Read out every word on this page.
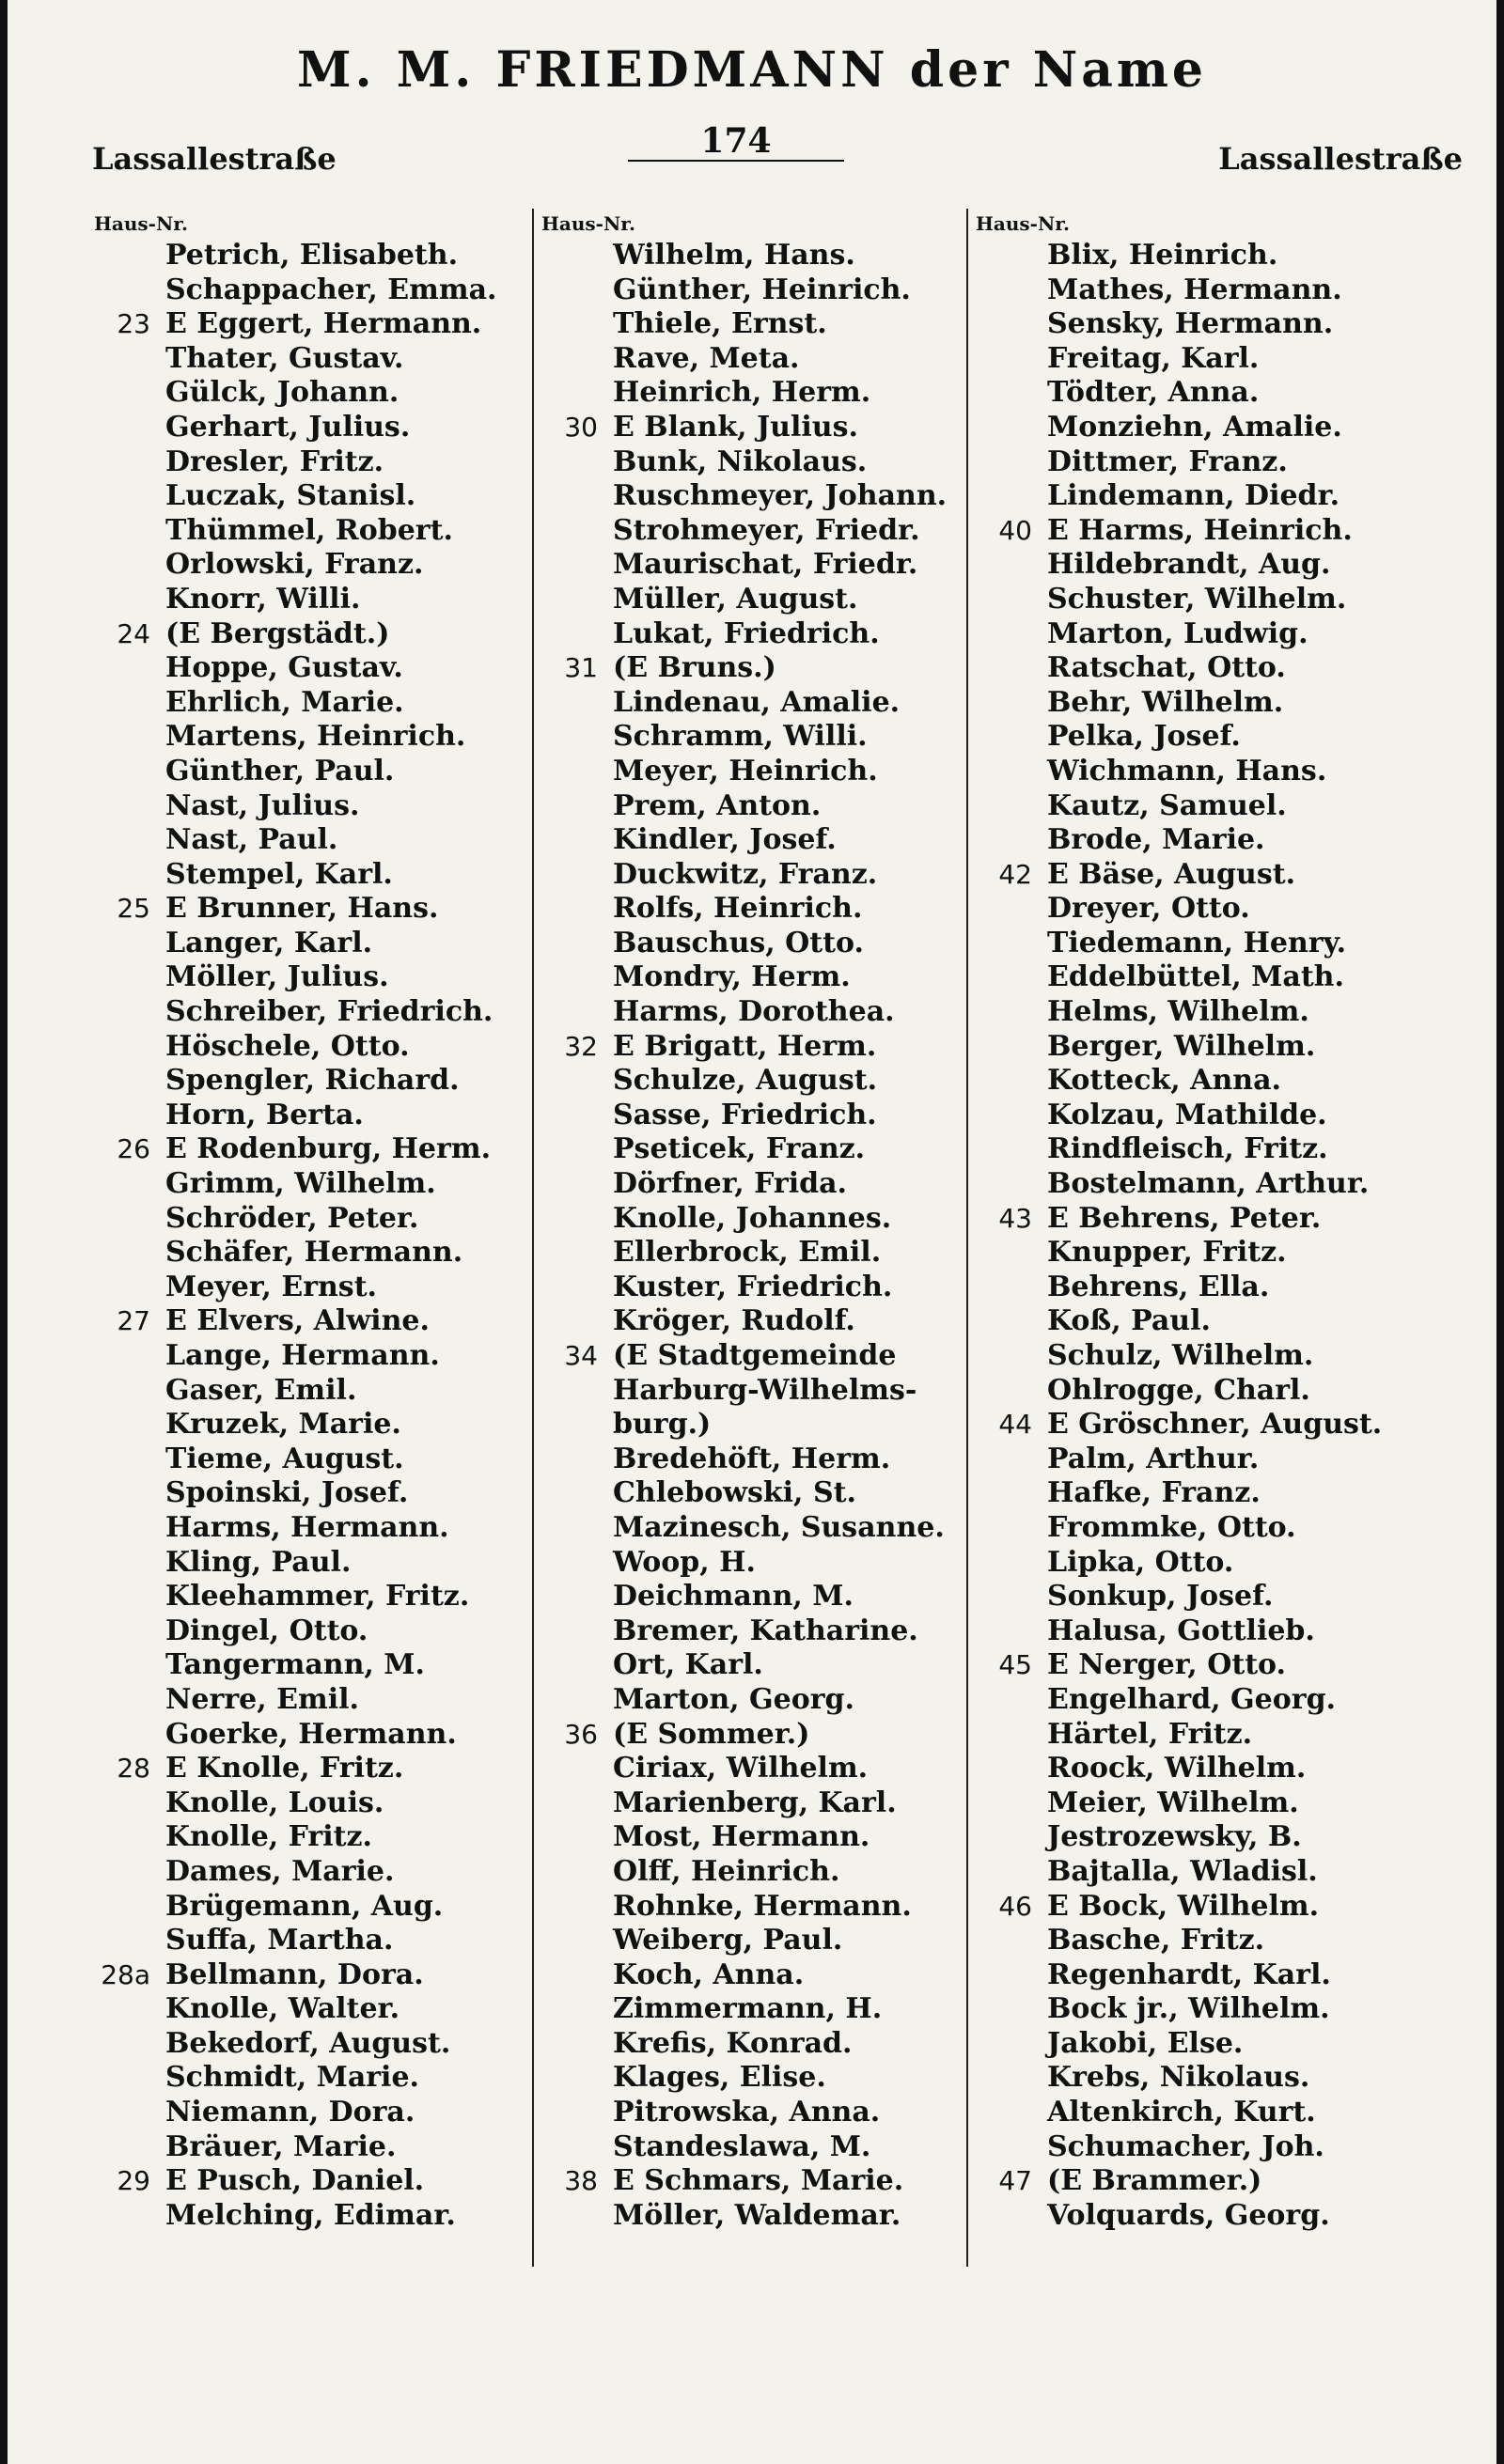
M. M. FRIEDMANN der Name
174
Lassallestraße	Lassallestraße
Haus-Nr.
Petrich, Elisabeth.
Schappacher, Emma.
23 E Eggert, Hermann.
Thater, Gustav.
Gülck, Johann.
Gerhart, Julius.
Dresler, Fritz.
Luczak, Stanisl.
Thümmel, Robert.
Orlowski, Franz.
Knorr, Willi.
24 (E Bergstädt.)
Hoppe, Gustav.
Ehrlich, Marie.
Martens, Heinrich.
Günther, Paul.
Nast, Julius.
Nast, Paul.
Stempel, Karl.
25 E Brunner, Hans.
Langer, Karl.
Möller, Julius.
Schreiber, Friedrich.
Höschele, Otto.
Spengler, Richard.
Horn, Berta.
26 E Rodenburg, Herm.
Grimm, Wilhelm.
Schröder, Peter.
Schäfer, Hermann.
Meyer, Ernst.
27 E Elvers, Alwine.
Lange, Hermann.
Gaser, Emil.
Kruzek, Marie.
Tieme, August.
Spoinski, Josef.
Harms, Hermann.
Kling, Paul.
Kleehammer, Fritz.
Dingel, Otto.
Tangermann, M.
Nerre, Emil.
Goerke, Hermann.
28 E Knolle, Fritz.
Knolle, Louis.
Knolle, Fritz.
Dames, Marie.
Brügemann, Aug.
Suffa, Martha.
28a Bellmann, Dora.
Knolle, Walter.
Bekedorf, August.
Schmidt, Marie.
Niemann, Dora.
Bräuer, Marie.
29 E Pusch, Daniel.
Melching, Edimar.
Haus-Nr.
Wilhelm, Hans.
Günther, Heinrich.
Thiele, Ernst.
Rave, Meta.
Heinrich, Herm.
30 E Blank, Julius.
Bunk, Nikolaus.
Ruschmeyer, Johann.
Strohmeyer, Friedr.
Maurischat, Friedr.
Müller, August.
Lukat, Friedrich.
31 (E Bruns.)
Lindenau, Amalie.
Schramm, Willi.
Meyer, Heinrich.
Prem, Anton.
Kindler, Josef.
Duckwitz, Franz.
Rolfs, Heinrich.
Bauschus, Otto.
Mondry, Herm.
Harms, Dorothea.
32 E Brigatt, Herm.
Schulze, August.
Sasse, Friedrich.
Pseticek, Franz.
Dörfner, Frida.
Knolle, Johannes.
Ellerbrock, Emil.
Kuster, Friedrich.
Kröger, Rudolf.
34 (E Stadtgemeinde
Harburg-Wilhelms-
burg.)
Bredehöft, Herm.
Chlebowski, St.
Mazinesch, Susanne.
Woop, H.
Deichmann, M.
Bremer, Katharine.
Ort, Karl.
Marton, Georg.
36 (E Sommer.)
Ciriax, Wilhelm.
Marienberg, Karl.
Most, Hermann.
Olff, Heinrich.
Rohnke, Hermann.
Weiberg, Paul.
Koch, Anna.
Zimmermann, H.
Krefis, Konrad.
Klages, Elise.
Pitrowska, Anna.
Standeslawa, M.
38 E Schmars, Marie.
Möller, Waldemar.
Haus-Nr.
Blix, Heinrich.
Mathes, Hermann.
Sensky, Hermann.
Freitag, Karl.
Tödter, Anna.
Monziehn, Amalie.
Dittmer, Franz.
Lindemann, Diedr.
40 E Harms, Heinrich.
Hildebrandt, Aug.
Schuster, Wilhelm.
Marton, Ludwig.
Ratschat, Otto.
Behr, Wilhelm.
Pelka, Josef.
Wichmann, Hans.
Kautz, Samuel.
Brode, Marie.
42 E Bäse, August.
Dreyer, Otto.
Tiedemann, Henry.
Eddelbüttel, Math.
Helms, Wilhelm.
Berger, Wilhelm.
Kotteck, Anna.
Kolzau, Mathilde.
Rindfleisch, Fritz.
Bostelmann, Arthur.
43 E Behrens, Peter.
Knupper, Fritz.
Behrens, Ella.
Koß, Paul.
Schulz, Wilhelm.
Ohlrogge, Charl.
44 E Gröschner, August.
Palm, Arthur.
Hafke, Franz.
Frommke, Otto.
Lipka, Otto.
Sonkup, Josef.
Halusa, Gottlieb.
45 E Nerger, Otto.
Engelhard, Georg.
Härtel, Fritz.
Roock, Wilhelm.
Meier, Wilhelm.
Jestrozewsky, B.
Bajtalla, Wladisl.
46 E Bock, Wilhelm.
Basche, Fritz.
Regenhardt, Karl.
Bock jr., Wilhelm.
Jakobi, Else.
Krebs, Nikolaus.
Altenkirch, Kurt.
Schumacher, Joh.
47 (E Brammer.)
Volquards, Georg.
